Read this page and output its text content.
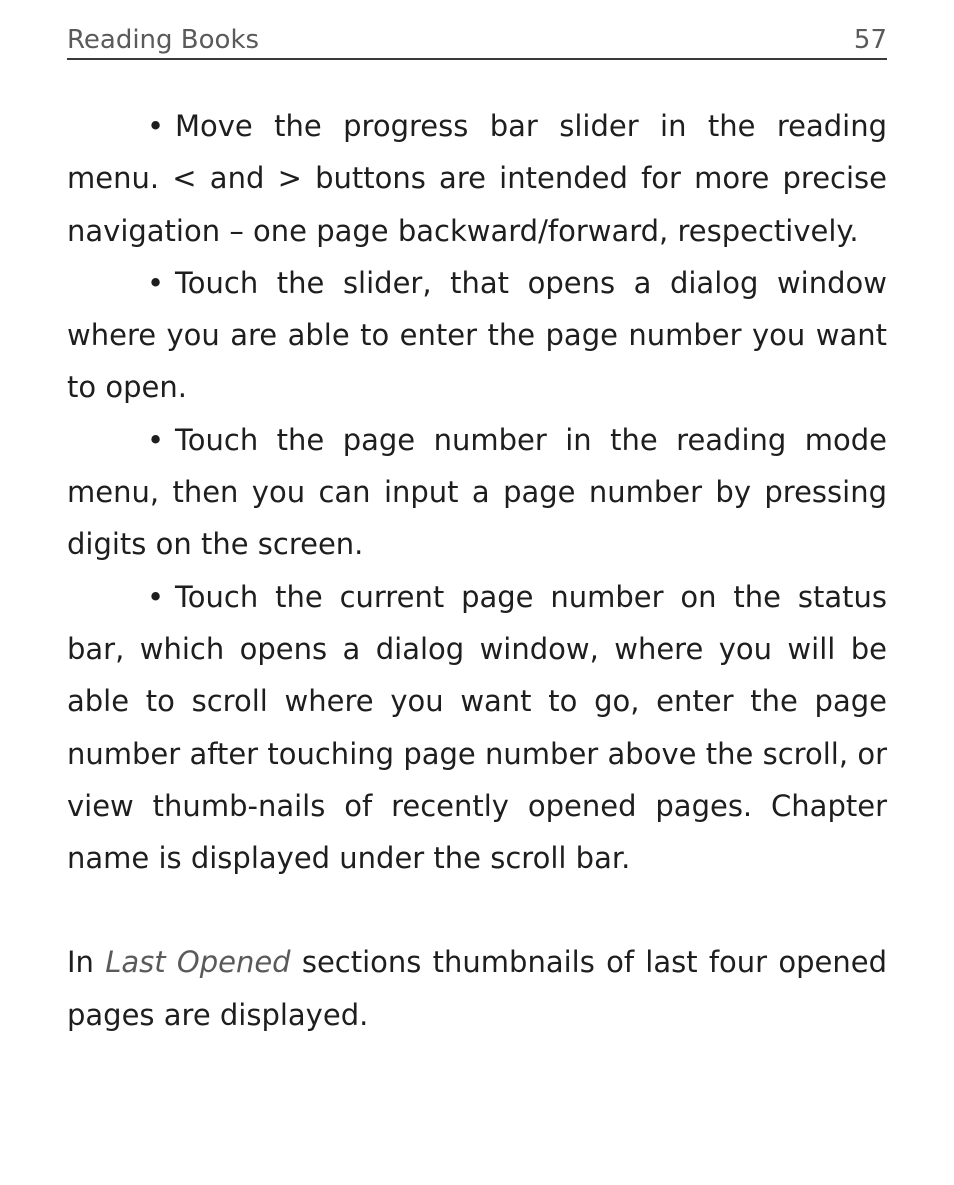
Reading Books	57

• Move the progress bar slider in the reading menu. < and > buttons are intended for more precise navigation – one page backward/forward, respectively.

• Touch the slider, that opens a dialog window where you are able to enter the page number you want to open.

• Touch the page number in the reading mode menu, then you can input a page number by pressing digits on the screen.

• Touch the current page number on the status bar, which opens a dialog window, where you will be able to scroll where you want to go, enter the page number after touching page number above the scroll, or view thumb-nails of recently opened pages. Chapter name is displayed under the scroll bar.

In Last Opened sections thumbnails of last four opened pages are displayed.
